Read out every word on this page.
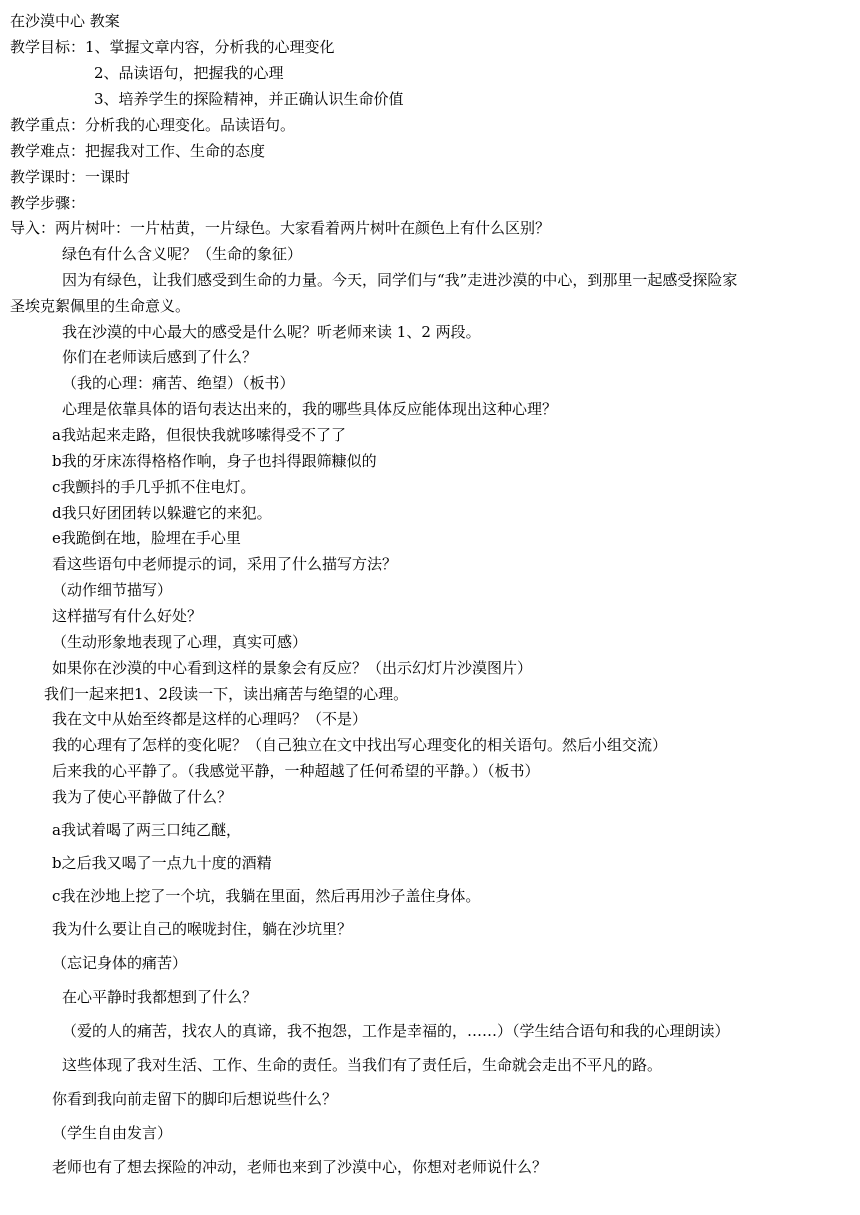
在沙漠中心 教案
教学目标：1、掌握文章内容，分析我的心理变化
2、品读语句，把握我的心理
3、培养学生的探险精神，并正确认识生命价值
教学重点：分析我的心理变化。品读语句。
教学难点：把握我对工作、生命的态度
教学课时：一课时
教学步骤：
导入：两片树叶：一片枯黄，一片绿色。大家看着两片树叶在颜色上有什么区别？
绿色有什么含义呢？（生命的象征）
因为有绿色，让我们感受到生命的力量。今天，同学们与“我”走进沙漠的中心，到那里一起感受探险家
圣埃克絮佩里的生命意义。
我在沙漠的中心最大的感受是什么呢？听老师来读 1、2 两段。
你们在老师读后感到了什么？
（我的心理：痛苦、绝望）（板书）
心理是依靠具体的语句表达出来的，我的哪些具体反应能体现出这种心理？
a我站起来走路，但很快我就哆嗦得受不了了
b我的牙床冻得格格作响，身子也抖得跟筛糠似的
c我颤抖的手几乎抓不住电灯。
d我只好团团转以躲避它的来犯。
e我跪倒在地，脸埋在手心里
看这些语句中老师提示的词，采用了什么描写方法？
（动作细节描写）
这样描写有什么好处？
（生动形象地表现了心理，真实可感）
如果你在沙漠的中心看到这样的景象会有反应？（出示幻灯片沙漠图片）
我们一起来把1、2段读一下，读出痛苦与绝望的心理。
我在文中从始至终都是这样的心理吗？（不是）
我的心理有了怎样的变化呢？（自己独立在文中找出写心理变化的相关语句。然后小组交流）
后来我的心平静了。（我感觉平静，一种超越了任何希望的平静。）（板书）
我为了使心平静做了什么？
a我试着喝了两三口纯乙醚，
b之后我又喝了一点九十度的酒精
c我在沙地上挖了一个坑，我躺在里面，然后再用沙子盖住身体。
我为什么要让自己的喉咙封住，躺在沙坑里？
（忘记身体的痛苦）
在心平静时我都想到了什么？
（爱的人的痛苦，找农人的真谛，我不抱怨，工作是幸福的，……）（学生结合语句和我的心理朗读）
这些体现了我对生活、工作、生命的责任。当我们有了责任后，生命就会走出不平凡的路。
你看到我向前走留下的脚印后想说些什么？
（学生自由发言）
老师也有了想去探险的冲动，老师也来到了沙漠中心，你想对老师说什么？
